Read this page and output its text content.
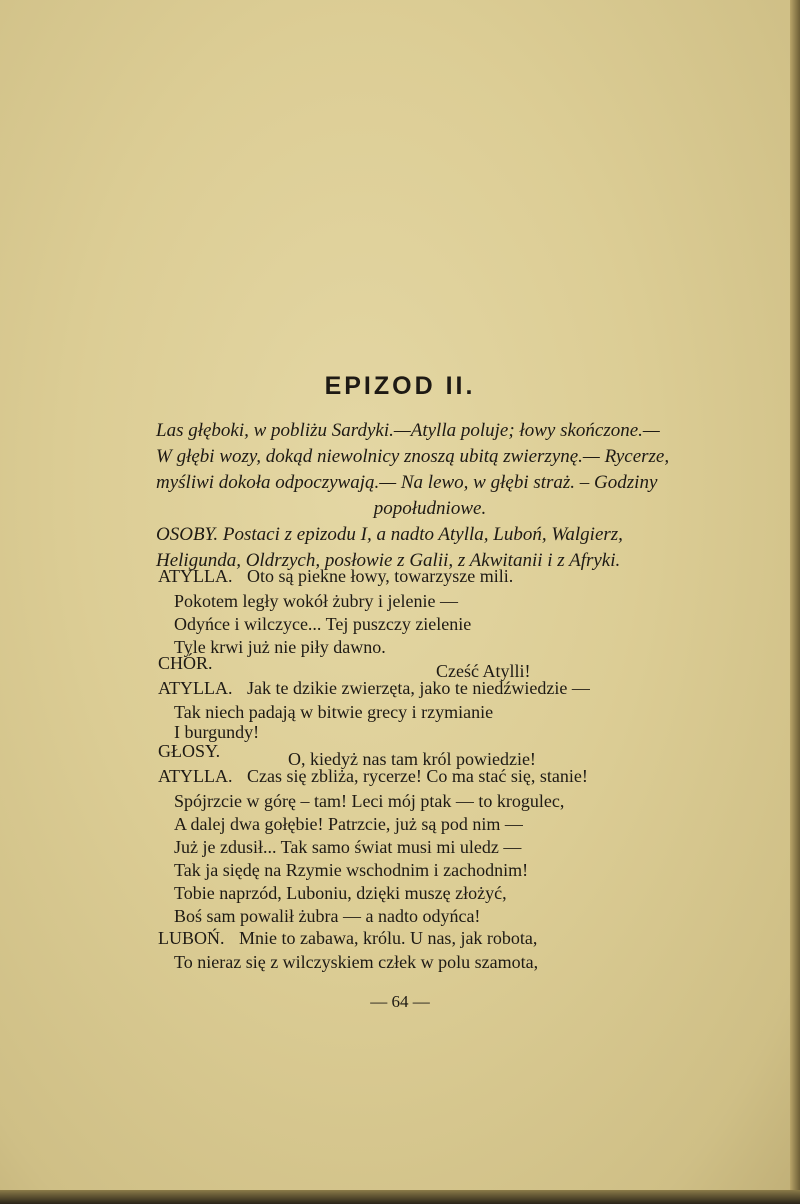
EPIZOD II.
Las głęboki, w pobliżu Sardyki.—Atylla poluje; łowy skończone.—
W głębi wozy, dokąd niewolnicy znoszą ubitą zwierzynę.— Rycerze,
myśliwi dokoła odpoczywają.— Na lewo, w głębi straż. – Godziny
popołudniowe.
OSOBY. Postaci z epizodu I, a nadto Atylla, Luboń, Walgierz,
Heligunda, Oldrzych, posłowie z Galii, z Akwitanii i z Afryki.
ATYLLA. Oto są piekne łowy, towarzysze mili.
Pokotem legły wokół żubry i jelenie —
Odyńce i wilczyce... Tej puszczy zielenie
Tyle krwi już nie piły dawno.
CHÓR.	Cześć Atylli!
ATYLLA. Jak te dzikie zwierzęta, jako te niedźwiedzie —
Tak niech padają w bitwie grecy i rzymianie
I burgundy!
GŁOSY.	O, kiedyż nas tam król powiedzie!
ATYLLA. Czas się zbliża, rycerze! Co ma stać się, stanie!
Spójrzcie w górę – tam! Leci mój ptak — to krogulec,
A dalej dwa gołębie! Patrzcie, już są pod nim —
Już je zdusił... Tak samo świat musi mi uledz —
Tak ja siędę na Rzymie wschodnim i zachodnim!
Tobie naprzód, Luboniu, dzięki muszę złożyć,
Boś sam powalił żubra — a nadto odyńca!
LUBOŃ. Mnie to zabawa, królu. U nas, jak robota,
To nieraz się z wilczyskiem człek w polu szamota,
— 64 —
